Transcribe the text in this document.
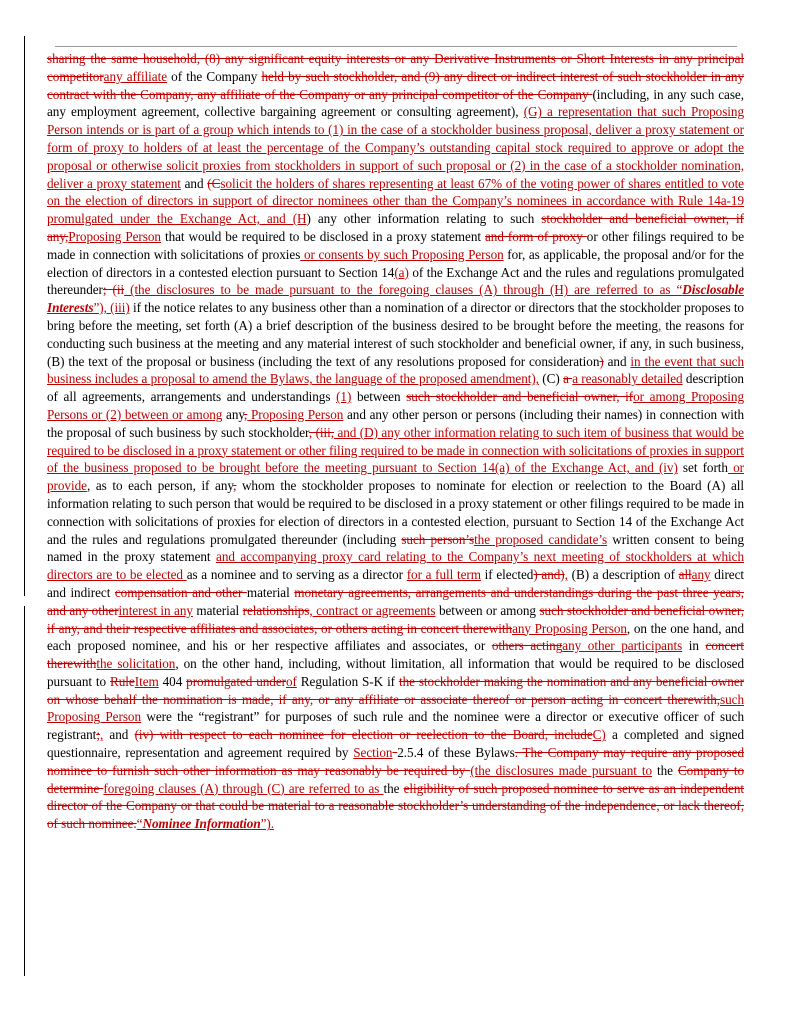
sharing the same household, (8) any significant equity interests or any Derivative Instruments or Short Interests in any principal competitorany affiliate of the Company held by such stockholder, and (9) any direct or indirect interest of such stockholder in any contract with the Company, any affiliate of the Company or any principal competitor of the Company (including, in any such case, any employment agreement, collective bargaining agreement or consulting agreement), (G) a representation that such Proposing Person intends or is part of a group which intends to (1) in the case of a stockholder business proposal, deliver a proxy statement or form of proxy to holders of at least the percentage of the Company’s outstanding capital stock required to approve or adopt the proposal or otherwise solicit proxies from stockholders in support of such proposal or (2) in the case of a stockholder nomination, deliver a proxy statement and (Csolicit the holders of shares representing at least 67% of the voting power of shares entitled to vote on the election of directors in support of director nominees other than the Company’s nominees in accordance with Rule 14a-19 promulgated under the Exchange Act, and (H) any other information relating to such stockholder and beneficial owner, if any,Proposing Person that would be required to be disclosed in a proxy statement and form of proxy or other filings required to be made in connection with solicitations of proxies or consents by such Proposing Person for, as applicable, the proposal and/or for the election of directors in a contested election pursuant to Section 14(a) of the Exchange Act and the rules and regulations promulgated thereunder; (ii (the disclosures to be made pursuant to the foregoing clauses (A) through (H) are referred to as “Disclosable Interests”), (iii) if the notice relates to any business other than a nomination of a director or directors that the stockholder proposes to bring before the meeting, set forth (A) a brief description of the business desired to be brought before the meeting, the reasons for conducting such business at the meeting and any material interest of such stockholder and beneficial owner, if any, in such business, (B) the text of the proposal or business (including the text of any resolutions proposed for consideration) and in the event that such business includes a proposal to amend the Bylaws, the language of the proposed amendment), (C) a a reasonably detailed description of all agreements, arrangements and understandings (1) between such stockholder and beneficial owner, ifor among Proposing Persons or (2) between or among any, Proposing Person and any other person or persons (including their names) in connection with the proposal of such business by such stockholder, (iii, and (D) any other information relating to such item of business that would be required to be disclosed in a proxy statement or other filing required to be made in connection with solicitations of proxies in support of the business proposed to be brought before the meeting pursuant to Section 14(a) of the Exchange Act, and (iv) set forth or provide, as to each person, if any, whom the stockholder proposes to nominate for election or reelection to the Board (A) all information relating to such person that would be required to be disclosed in a proxy statement or other filings required to be made in connection with solicitations of proxies for election of directors in a contested election, pursuant to Section 14 of the Exchange Act and the rules and regulations promulgated thereunder (including such person’sthe proposed candidate’s written consent to being named in the proxy statement and accompanying proxy card relating to the Company’s next meeting of stockholders at which directors are to be elected as a nominee and to serving as a director for a full term if elected) and), (B) a description of allany direct and indirect compensation and other material monetary agreements, arrangements and understandings during the past three years, and any otherinterest in any material relationships, contract or agreements between or among such stockholder and beneficial owner, if any, and their respective affiliates and associates, or others acting in concert therewithany Proposing Person, on the one hand, and each proposed nominee, and his or her respective affiliates and associates, or others actingany other participants in concert therewiththe solicitation, on the other hand, including, without limitation, all information that would be required to be disclosed pursuant to RuleItem 404 promulgated underof Regulation S-K if the stockholder making the nomination and any beneficial owner on whose behalf the nomination is made, if any, or any affiliate or associate thereof or person acting in concert therewith,such Proposing Person were the “registrant” for purposes of such rule and the nominee were a director or executive officer of such registrant;, and (iv) with respect to each nominee for election or reelection to the Board, includeC) a completed and signed questionnaire, representation and agreement required by Section 2.5.4 of these Bylaws. The Company may require any proposed nominee to furnish such other information as may reasonably be required by (the disclosures made pursuant to the Company to determine foregoing clauses (A) through (C) are referred to as the eligibility of such proposed nominee to serve as an independent director of the Company or that could be material to a reasonable stockholder’s understanding of the independence, or lack thereof, of such nominee.“Nominee Information”).
